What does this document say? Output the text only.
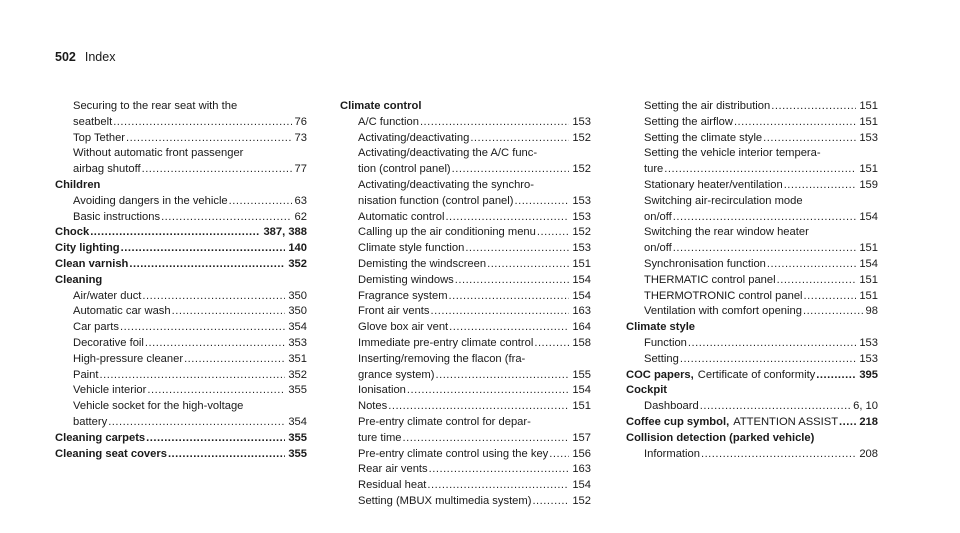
502 Index
Securing to the rear seat with the
seatbelt .....	76
Top Tether .....	73
Without automatic front passenger
airbag shutoff .....	77
Children
Avoiding dangers in the vehicle .....	63
Basic instructions .....	62
Chock .....	387, 388
City lighting .....	140
Clean varnish .....	352
Cleaning
Air/water duct .....	350
Automatic car wash .....	350
Car parts .....	354
Decorative foil .....	353
High-pressure cleaner .....	351
Paint .....	352
Vehicle interior .....	355
Vehicle socket for the high-voltage
battery .....	354
Cleaning carpets .....	355
Cleaning seat covers .....	355
Climate control
A/C function .....	153
Activating/deactivating .....	152
Activating/deactivating the A/C func-
tion (control panel) .....	152
Activating/deactivating the synchro-
nisation function (control panel) .....	153
Automatic control .....	153
Calling up the air conditioning menu .....	152
Climate style function .....	153
Demisting the windscreen .....	151
Demisting windows .....	154
Fragrance system .....	154
Front air vents .....	163
Glove box air vent .....	164
Immediate pre-entry climate control .....	158
Inserting/removing the flacon (fra-
grance system) .....	155
Ionisation .....	154
Notes .....	151
Pre-entry climate control for depar-
ture time .....	157
Pre-entry climate control using the key ..... 156
Rear air vents .....	163
Residual heat .....	154
Setting (MBUX multimedia system) .....	152
Setting the air distribution .....	151
Setting the airflow .....	151
Setting the climate style .....	153
Setting the vehicle interior tempera-
ture .....	151
Stationary heater/ventilation .....	159
Switching air-recirculation mode
on/off .....	154
Switching the rear window heater
on/off .....	151
Synchronisation function .....	154
THERMATIC control panel .....	151
THERMOTRONIC control panel .....	151
Ventilation with comfort opening .....	98
Climate style
Function .....	153
Setting .....	153
COC papers, Certificate of conformity .....	395
Cockpit
Dashboard .....	6, 10
Coffee cup symbol, ATTENTION ASSIST ..... 218
Collision detection (parked vehicle)
Information .....	208
